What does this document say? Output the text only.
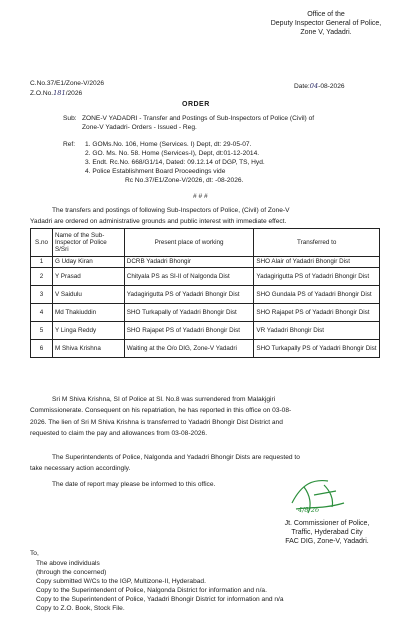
Office of the
Deputy Inspector General of Police,
Zone V, Yadadri.
C.No.37/E1/Zone-V/2026
Z.O.No.181/2026
Date:04-08-2026
ORDER
Sub: ZONE-V YADADRI - Transfer and Postings of Sub-Inspectors of Police (Civil) of
Zone-V Yadadri- Orders - Issued - Reg.
Ref: 1. GOMs.No. 106, Home (Services. I) Dept, dt: 29-05-07.
2. GO. Ms. No. 58. Home (Services-I), Dept, dt:01-12-2014.
3. Endt. Rc.No. 668/G1/14, Dated: 09.12.14 of DGP, TS, Hyd.
4. Police Establishment Board Proceedings vide
Rc No.37/E1/Zone-V/2026, dt: -08-2026.
# # #
The transfers and postings of following Sub-Inspectors of Police, (Civil) of Zone-V
Yadadri are ordered on administrative grounds and public interest with immediate effect.
S.no	Name of the Sub-Inspector of Police S/Sri	Present place of working	Transferred to
1	G Uday Kiran	DCRB Yadadri Bhongir	SHO Alair of Yadadri Bhongir Dist
2	Y Prasad	Chityala PS as SI-II of Nalgonda Dist	Yadagirigutta PS of Yadadri Bhongir Dist
3	V Saidulu	Yadagirigutta PS of Yadadri Bhongir Dist	SHO Gundala PS of Yadadri Bhongir Dist
4	Md Thakiuddin	SHO Turkapally of Yadadri Bhongir Dist	SHO Rajapet PS of Yadadri Bhongir Dist
5	Y Linga Reddy	SHO Rajapet PS of Yadadri Bhongir Dist	VR Yadadri Bhongir Dist
6	M Shiva Krishna	Waiting at the O/o DIG, Zone-V Yadadri	SHO Turkapally PS of Yadadri Bhongir Dist
Sri M Shiva Krishna, SI of Police at Sl. No.8 was surrendered from Malakjgiri
Commissionerate. Consequent on his repatriation, he has reported in this office on 03-08-
2026. The lien of Sri M Shiva Krishna is transferred to Yadadri Bhongir Dist District and
requested to claim the pay and allowances from 03-08-2026.
The Superintendents of Police, Nalgonda and Yadadri Bhongir Dists are requested to
take necessary action accordingly.
The date of report may please be informed to this office.
4/8/26
Jt. Commissioner of Police,
Traffic, Hyderabad City
FAC DIG, Zone-V, Yadadri.
To,
The above individuals
(through the concerned)
Copy submitted W/Cs to the IGP, Multizone-II, Hyderabad.
Copy to the Superintendent of Police, Nalgonda District for information and n/a.
Copy to the Superintendent of Police, Yadadri Bhongir District for information and n/a
Copy to Z.O. Book, Stock File.
